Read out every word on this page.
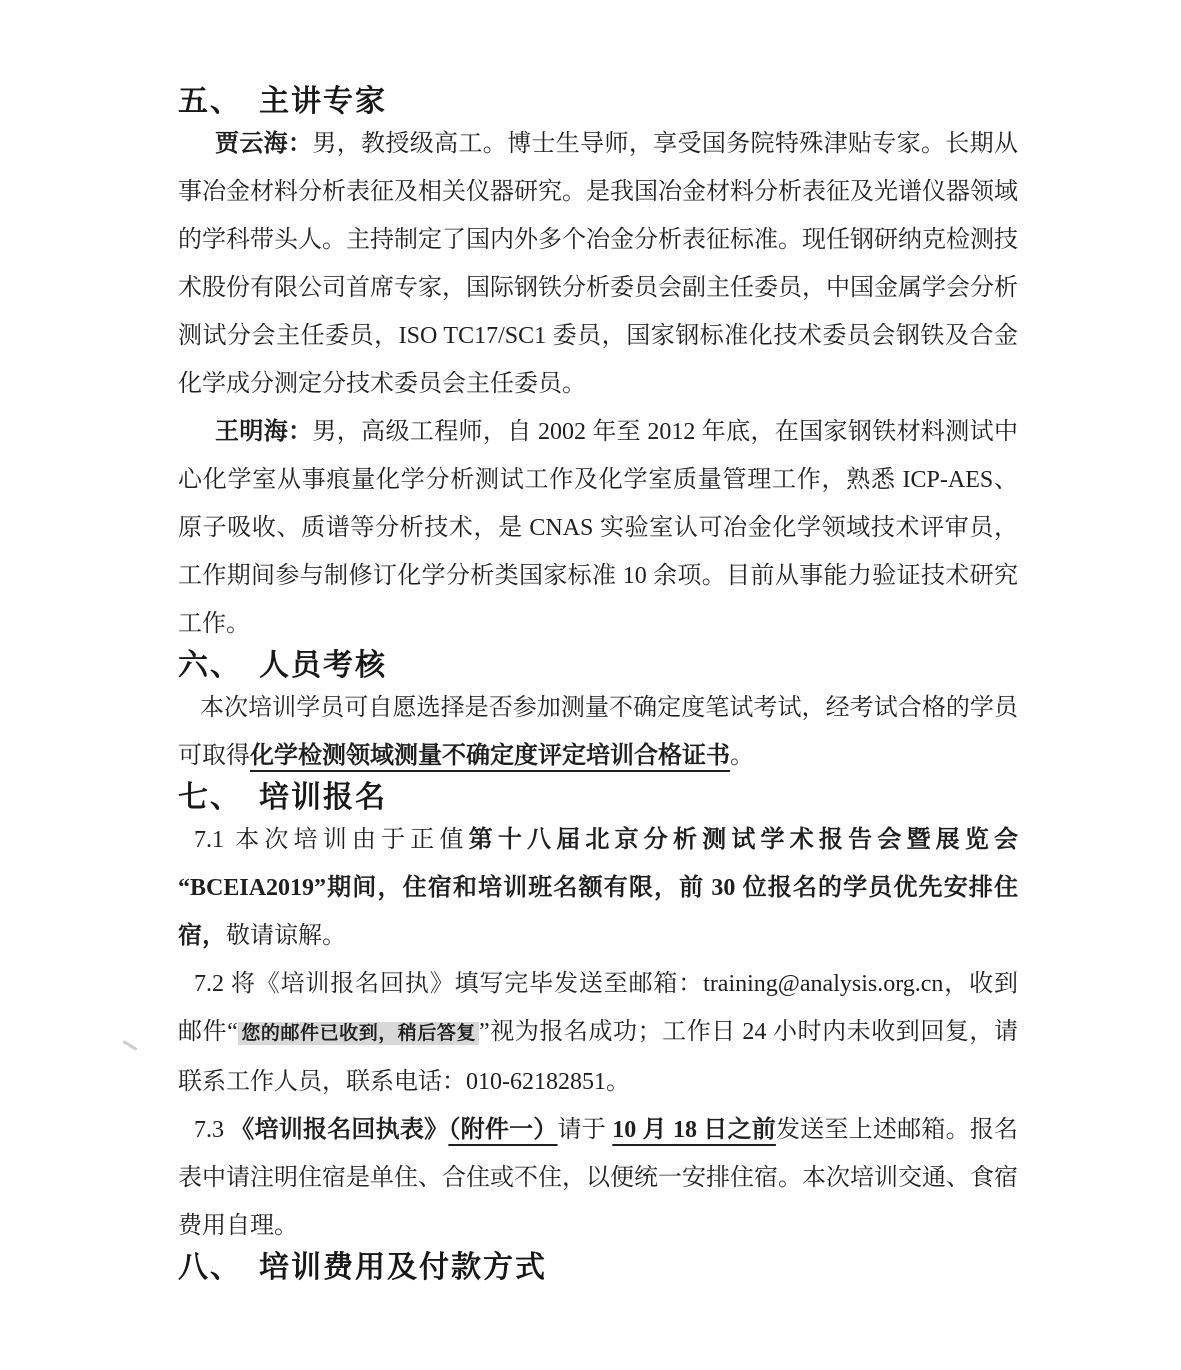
五、 主讲专家

贾云海：男，教授级高工。博士生导师，享受国务院特殊津贴专家。长期从事冶金材料分析表征及相关仪器研究。是我国冶金材料分析表征及光谱仪器领域的学科带头人。主持制定了国内外多个冶金分析表征标准。现任钢研纳克检测技术股份有限公司首席专家，国际钢铁分析委员会副主任委员，中国金属学会分析测试分会主任委员，ISO TC17/SC1 委员，国家钢标准化技术委员会钢铁及合金化学成分测定分技术委员会主任委员。

王明海：男，高级工程师，自 2002 年至 2012 年底，在国家钢铁材料测试中心化学室从事痕量化学分析测试工作及化学室质量管理工作，熟悉 ICP-AES、原子吸收、质谱等分析技术，是 CNAS 实验室认可冶金化学领域技术评审员，工作期间参与制修订化学分析类国家标准 10 余项。目前从事能力验证技术研究工作。

六、 人员考核

本次培训学员可自愿选择是否参加测量不确定度笔试考试，经考试合格的学员可取得化学检测领域测量不确定度评定培训合格证书。

七、 培训报名

7.1 本次培训由于正值第十八届北京分析测试学术报告会暨展览会“BCEIA2019”期间，住宿和培训班名额有限，前 30 位报名的学员优先安排住宿，敬请谅解。

7.2 将《培训报名回执》填写完毕发送至邮箱：training@analysis.org.cn，收到邮件“ 您的邮件已收到，稍后答复 ”视为报名成功；工作日 24 小时内未收到回复，请联系工作人员，联系电话：010-62182851。

7.3 《培训报名回执表》（附件一）请于 10 月 18 日之前发送至上述邮箱。报名表中请注明住宿是单住、合住或不住，以便统一安排住宿。本次培训交通、食宿费用自理。

八、 培训费用及付款方式
